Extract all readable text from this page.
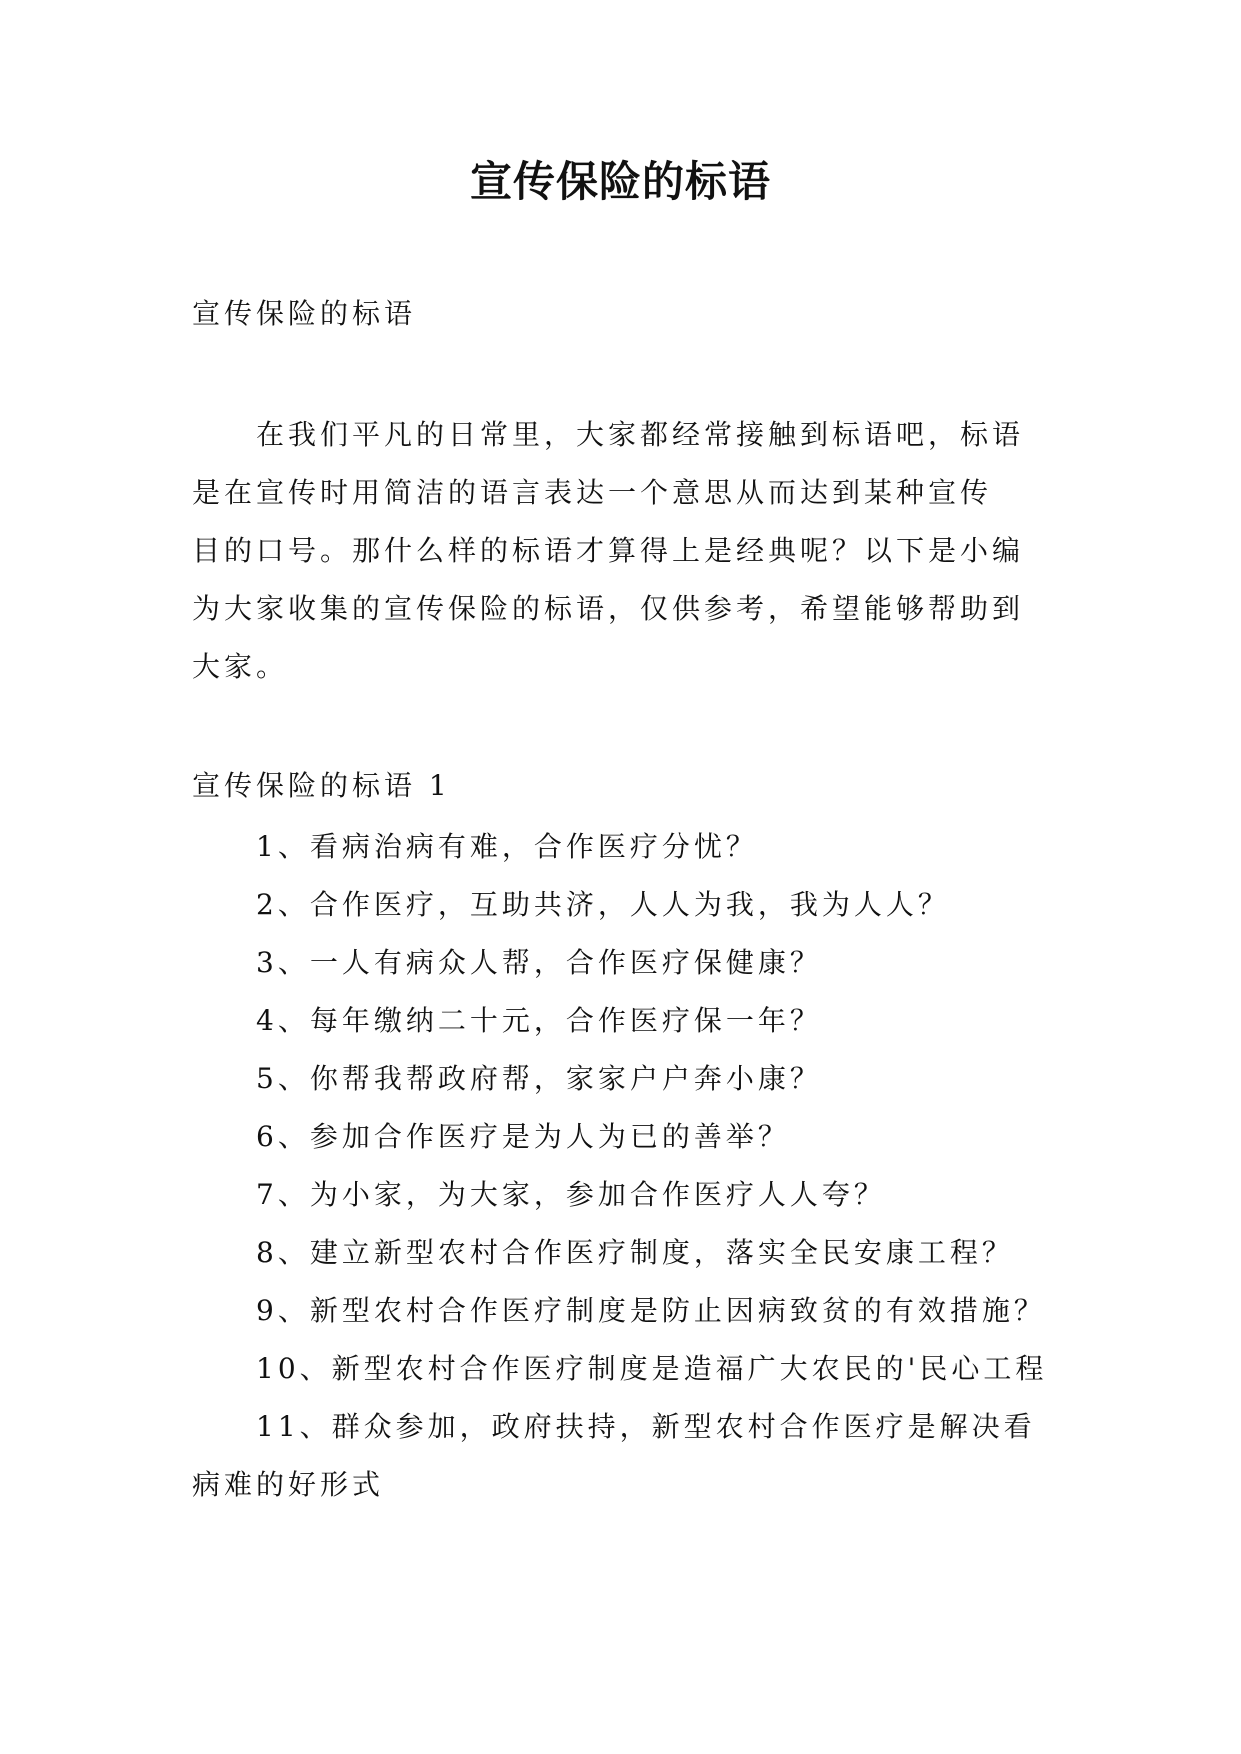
宣传保险的标语
宣传保险的标语
在我们平凡的日常里，大家都经常接触到标语吧，标语
是在宣传时用简洁的语言表达一个意思从而达到某种宣传
目的口号。那什么样的标语才算得上是经典呢？以下是小编
为大家收集的宣传保险的标语，仅供参考，希望能够帮助到
大家。
宣传保险的标语 1
1、看病治病有难，合作医疗分忧？
2、合作医疗，互助共济，人人为我，我为人人？
3、一人有病众人帮，合作医疗保健康？
4、每年缴纳二十元，合作医疗保一年？
5、你帮我帮政府帮，家家户户奔小康？
6、参加合作医疗是为人为已的善举？
7、为小家，为大家，参加合作医疗人人夸？
8、建立新型农村合作医疗制度，落实全民安康工程？
9、新型农村合作医疗制度是防止因病致贫的有效措施？
10、新型农村合作医疗制度是造福广大农民的'民心工程
11、群众参加，政府扶持，新型农村合作医疗是解决看病难的好形式
